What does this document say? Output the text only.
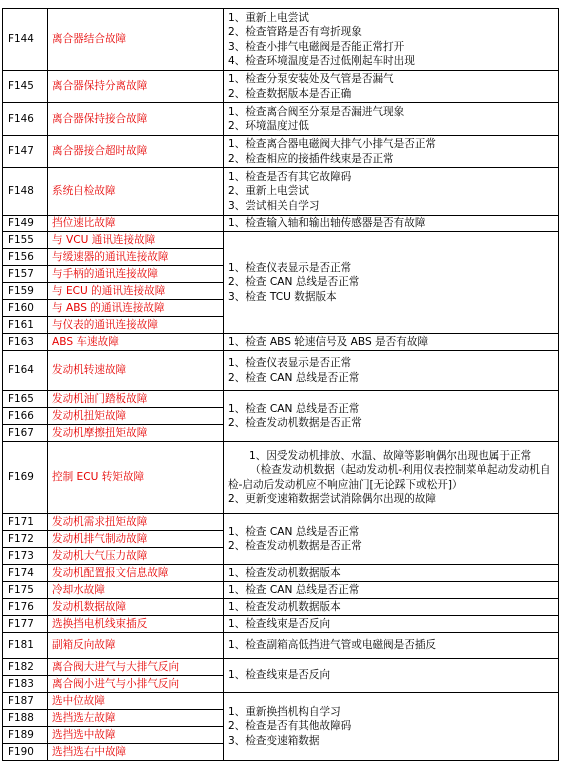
F144	离合器结合故障	1、重新上电尝试
2、检查管路是否有弯折现象
3、检查小排气电磁阀是否能正常打开
4、检查环境温度是否过低刚起车时出现

F145	离合器保持分离故障	1、检查分泵安装处及气管是否漏气
2、检查数据版本是否正确

F146	离合器保持接合故障	1、检查离合阀至分泵是否漏进气现象
2、环境温度过低

F147	离合器接合超时故障	1、检查离合器电磁阀大排气小排气是否正常
2、检查相应的接插件线束是否正常

F148	系统自检故障	1、检查是否有其它故障码
2、重新上电尝试
3、尝试相关自学习

F149	挡位速比故障	1、检查输入轴和输出轴传感器是否有故障

F155	与 VCU 通讯连接故障	1、检查仪表显示是否正常
2、检查 CAN 总线是否正常
3、检查 TCU 数据版本

F156	与缓速器的通讯连接故障	
F157	与手柄的通讯连接故障	
F159	与 ECU 的通讯连接故障	
F160	与 ABS 的通讯连接故障	
F161	与仪表的通讯连接故障	
F163	ABS 车速故障	1、检查 ABS 轮速信号及 ABS 是否有故障

F164	发动机转速故障	1、检查仪表显示是否正常
2、检查 CAN 总线是否正常

F165	发动机油门踏板故障	1、检查 CAN 总线是否正常
2、检查发动机数据是否正常

F166	发动机扭矩故障	
F167	发动机摩擦扭矩故障	
F169	控制 ECU 转矩故障	1、因受发动机排放、水温、故障等影响偶尔出现也属于正常
（检查发动机数据（起动发动机-利用仪表控制菜单起动发动机自检-启动后发动机应不响应油门[无论踩下或松开]）
2、更新变速箱数据尝试消除偶尔出现的故障

F171	发动机需求扭矩故障	1、检查 CAN 总线是否正常
2、检查发动机数据是否正常

F172	发动机排气制动故障	
F173	发动机大气压力故障	
F174	发动机配置报文信息故障	1、检查发动机数据版本

F175	冷却水故障	1、检查 CAN 总线是否正常

F176	发动机数据故障	1、检查发动机数据版本

F177	选换挡电机线束插反	1、检查线束是否反向

F181	副箱反向故障	1、检查副箱高低挡进气管或电磁阀是否插反

F182	离合阀大进气与大排气反向	1、检查线束是否反向

F183	离合阀小进气与小排气反向	
F187	选中位故障	1、重新换挡机构自学习
2、检查是否有其他故障码
3、检查变速箱数据

F188	选挡选左故障	
F189	选挡选中故障	
F190	选挡选右中故障	
